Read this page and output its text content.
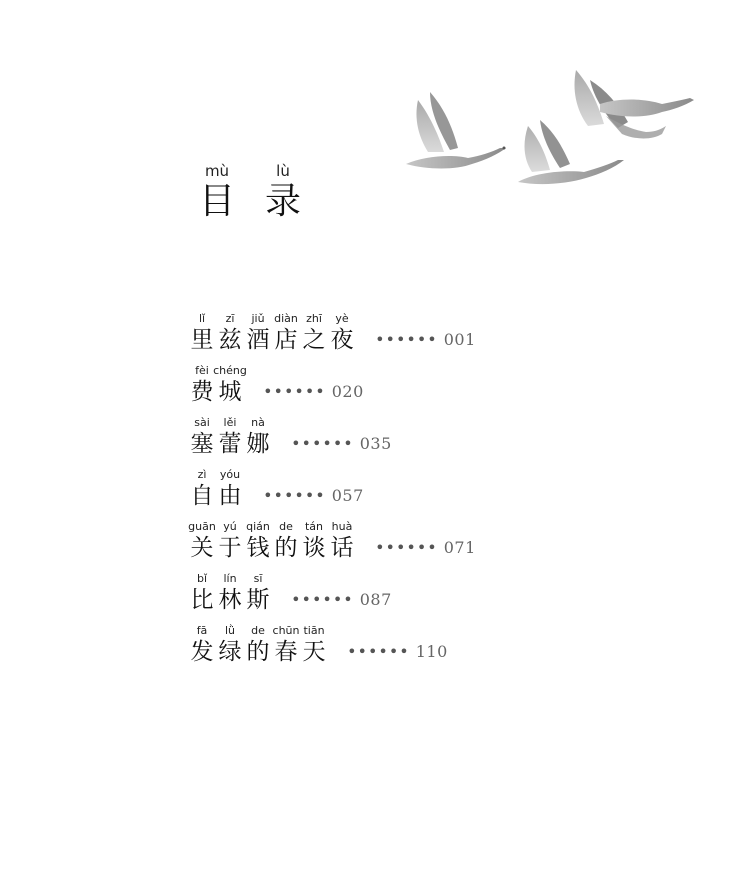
mù
目
lù
录
lǐ
里
zī
兹
jiǔ
酒
diàn
店
zhī
之
yè
夜 •••••• 001
fèi
费
chéng
城 •••••• 020
sài
塞
lěi
蕾
nà
娜 •••••• 035
zì
自
yóu
由 •••••• 057
guān
关
yú
于
qián
钱
de
的
tán
谈
huà
话 •••••• 071
bǐ
比
lín
林
sī
斯 •••••• 087
fā
发
lǜ
绿
de
的
chūn
春
tiān
天 •••••• 110
